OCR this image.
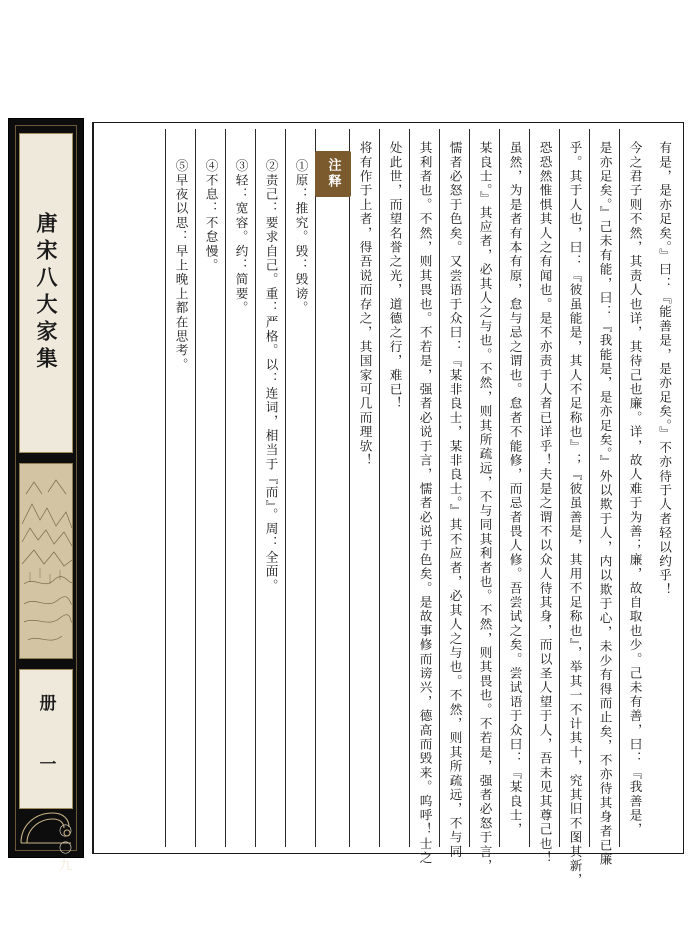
唐宋八大家集
册 一
〇〇九
有是，是亦足矣。』曰：『能善是，是亦足矣。』不亦待于人者轻以约乎！
今之君子则不然，其责人也详，其待己也廉。详，故人难于为善；廉，故自取也少。己未有善，曰：『我善是，
是亦足矣。』己未有能，曰：『我能是，是亦足矣。』外以欺于人，内以欺于心，未少有得而止矣，不亦待其身者已廉
乎。其于人也，曰：『彼虽能是，其人不足称也』；『彼虽善是，其用不足称也』，举其一不计其十，究其旧不图其新，
恐恐然惟惧其人之有闻也。是不亦责于人者已详乎！夫是之谓不以众人待其身，而以圣人望于人，吾未见其尊己也！
虽然，为是者有本有原，怠与忌之谓也。怠者不能修，而忌者畏人修。吾尝试之矣。尝试语于众曰：『某良士，
某良士。』其应者，必其人之与也。不然，则其所疏远，不与同其利者也。不然，则其畏也。不若是，强者必怒于言，
懦者必怒于色矣。又尝语于众曰：『某非良士，某非良士。』其不应者，必其人之与也。不然，则其所疏远，不与同
其利者也。不然，则其畏也。不若是，强者必说于言，懦者必说于色矣。是故事修而谤兴，德高而毁来。呜呼！士之
处此世，而望名誉之光，道德之行，难已！
将有作于上者，得吾说而存之，其国家可几而理欤！
注释
①原：推究。毁：毁谤。
②责己：要求自己。重：严格。以：连词，相当于『而』。周：全面。
③轻：宽容。约：简要。
④不息：不怠慢。
⑤早夜以思：早上晚上都在思考。
